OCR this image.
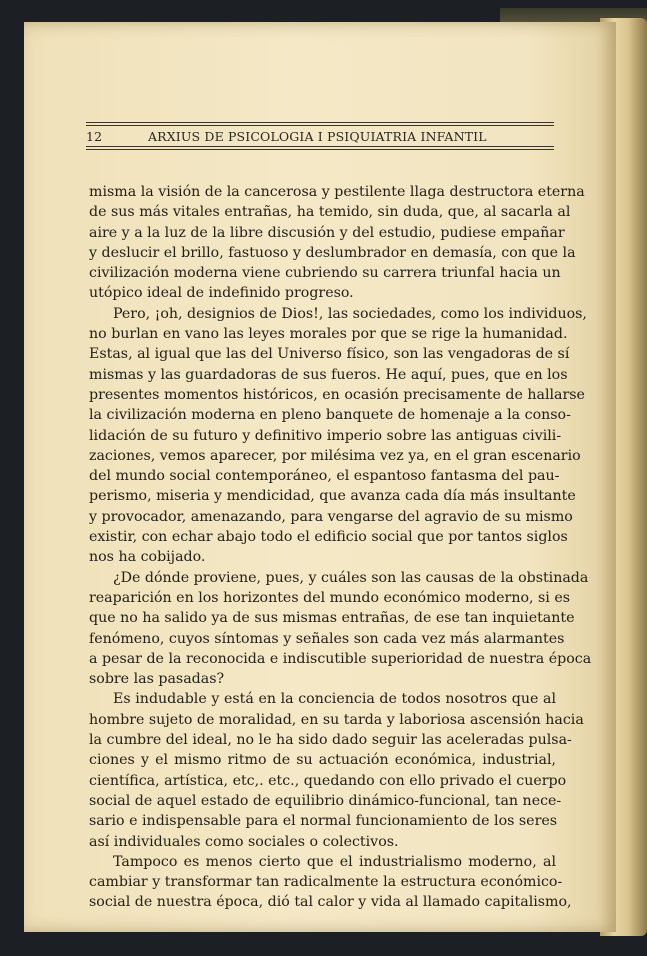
12	ARXIUS DE PSICOLOGIA I PSIQUIATRIA INFANTIL
misma la visión de la cancerosa y pestilente llaga destructora eterna
de sus más vitales entrañas, ha temido, sin duda, que, al sacarla al
aire y a la luz de la libre discusión y del estudio, pudiese empañar
y deslucir el brillo, fastuoso y deslumbrador en demasía, con que la
civilización moderna viene cubriendo su carrera triunfal hacia un
utópico ideal de indefinido progreso.
Pero, ¡oh, designios de Dios!, las sociedades, como los individuos,
no burlan en vano las leyes morales por que se rige la humanidad.
Estas, al igual que las del Universo físico, son las vengadoras de sí
mismas y las guardadoras de sus fueros. He aquí, pues, que en los
presentes momentos históricos, en ocasión precisamente de hallarse
la civilización moderna en pleno banquete de homenaje a la conso-
lidación de su futuro y definitivo imperio sobre las antiguas civili-
zaciones, vemos aparecer, por milésima vez ya, en el gran escenario
del mundo social contemporáneo, el espantoso fantasma del pau-
perismo, miseria y mendicidad, que avanza cada día más insultante
y provocador, amenazando, para vengarse del agravio de su mismo
existir, con echar abajo todo el edificio social que por tantos siglos
nos ha cobijado.
¿De dónde proviene, pues, y cuáles son las causas de la obstinada
reaparición en los horizontes del mundo económico moderno, si es
que no ha salido ya de sus mismas entrañas, de ese tan inquietante
fenómeno, cuyos síntomas y señales son cada vez más alarmantes
a pesar de la reconocida e indiscutible superioridad de nuestra época
sobre las pasadas?
Es indudable y está en la conciencia de todos nosotros que al
hombre sujeto de moralidad, en su tarda y laboriosa ascensión hacia
la cumbre del ideal, no le ha sido dado seguir las aceleradas pulsa-
ciones y el mismo ritmo de su actuación económica, industrial,
científica, artística, etc,. etc., quedando con ello privado el cuerpo
social de aquel estado de equilibrio dinámico-funcional, tan nece-
sario e indispensable para el normal funcionamiento de los seres
así individuales como sociales o colectivos.
Tampoco es menos cierto que el industrialismo moderno, al
cambiar y transformar tan radicalmente la estructura económico-
social de nuestra época, dió tal calor y vida al llamado capitalismo,
